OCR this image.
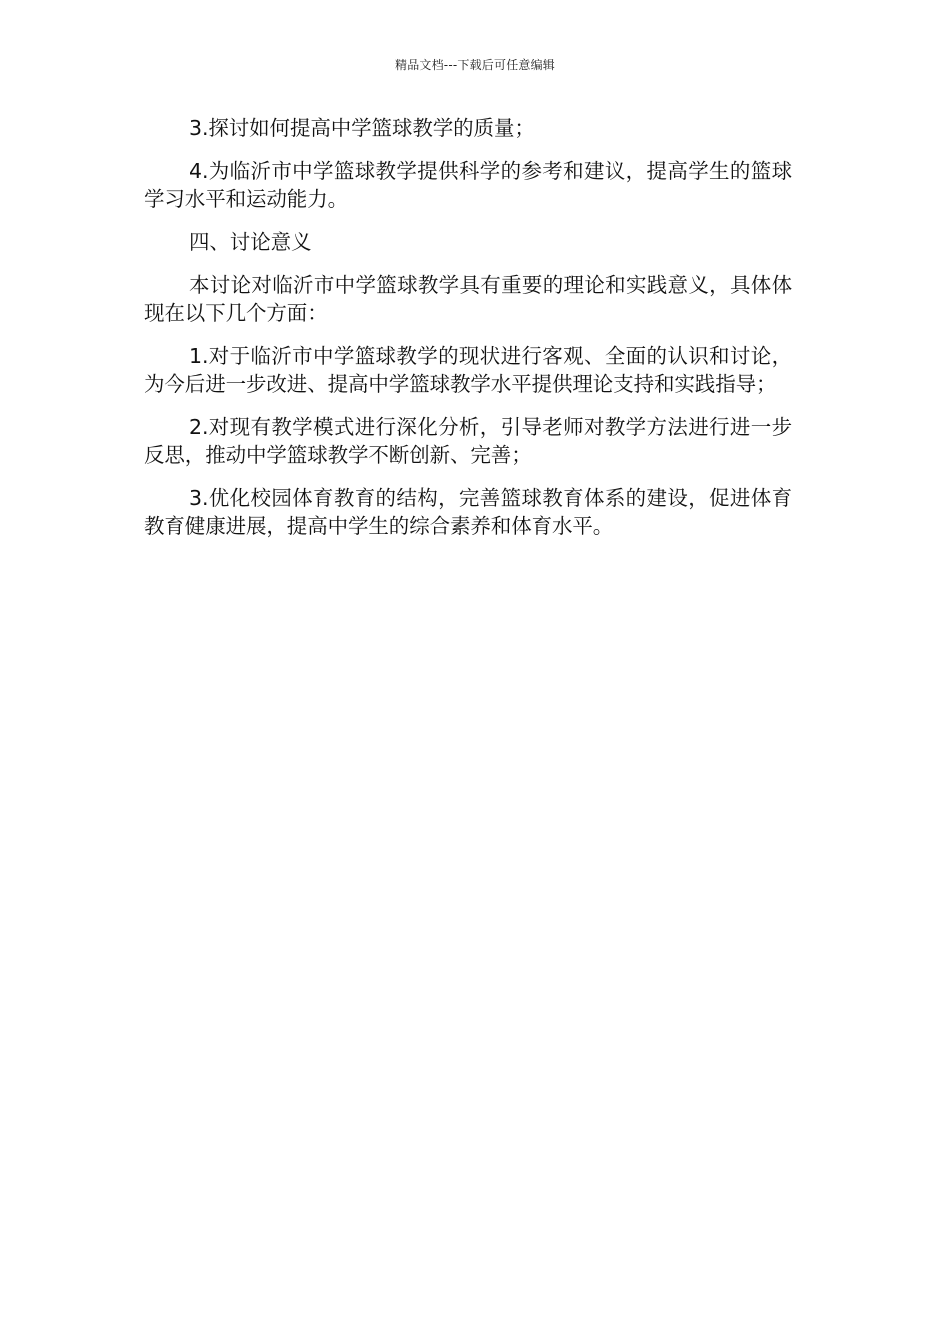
精品文档---下载后可任意编辑

3.探讨如何提高中学篮球教学的质量；

4.为临沂市中学篮球教学提供科学的参考和建议，提高学生的篮球学习水平和运动能力。

四、讨论意义

本讨论对临沂市中学篮球教学具有重要的理论和实践意义，具体体现在以下几个方面：

1.对于临沂市中学篮球教学的现状进行客观、全面的认识和讨论，为今后进一步改进、提高中学篮球教学水平提供理论支持和实践指导；

2.对现有教学模式进行深化分析，引导老师对教学方法进行进一步反思，推动中学篮球教学不断创新、完善；

3.优化校园体育教育的结构，完善篮球教育体系的建设，促进体育教育健康进展，提高中学生的综合素养和体育水平。
